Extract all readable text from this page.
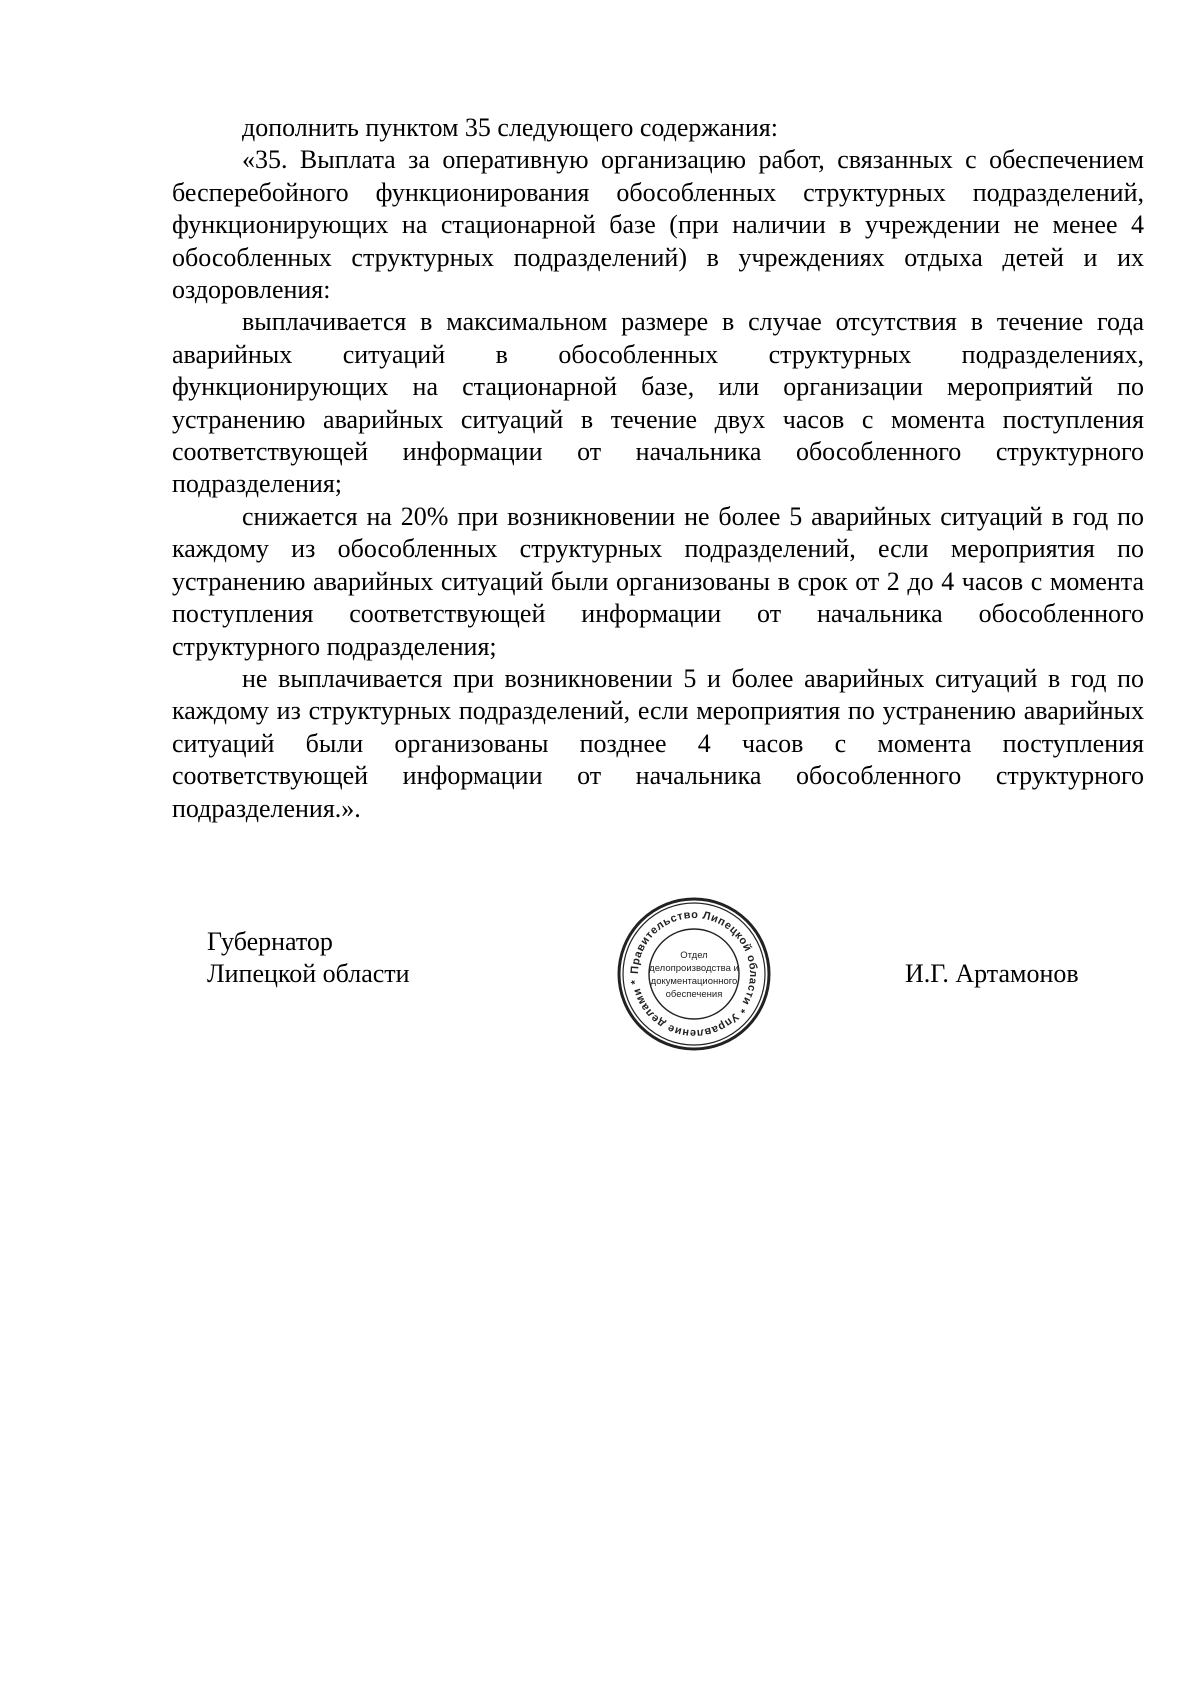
дополнить пунктом 35 следующего содержания:

«35. Выплата за оперативную организацию работ, связанных с обеспечением бесперебойного функционирования обособленных структурных подразделений, функционирующих на стационарной базе (при наличии в учреждении не менее 4 обособленных структурных подразделений) в учреждениях отдыха детей и их оздоровления:

выплачивается в максимальном размере в случае отсутствия в течение года аварийных ситуаций в обособленных структурных подразделениях, функционирующих на стационарной базе, или организации мероприятий по устранению аварийных ситуаций в течение двух часов с момента поступления соответствующей информации от начальника обособленного структурного подразделения;

снижается на 20% при возникновении не более 5 аварийных ситуаций в год по каждому из обособленных структурных подразделений, если мероприятия по устранению аварийных ситуаций были организованы в срок от 2 до 4 часов с момента поступления соответствующей информации от начальника обособленного структурного подразделения;

не выплачивается при возникновении 5 и более аварийных ситуаций в год по каждому из структурных подразделений, если мероприятия по устранению аварийных ситуаций были организованы позднее 4 часов с момента поступления соответствующей информации от начальника обособленного структурного подразделения.».

Губернатор
Липецкой области	Правительство Липецкой области * Управление делами *
Отдел
делопроизводства и
документационного
обеспечения
И.Г. Артамонов
